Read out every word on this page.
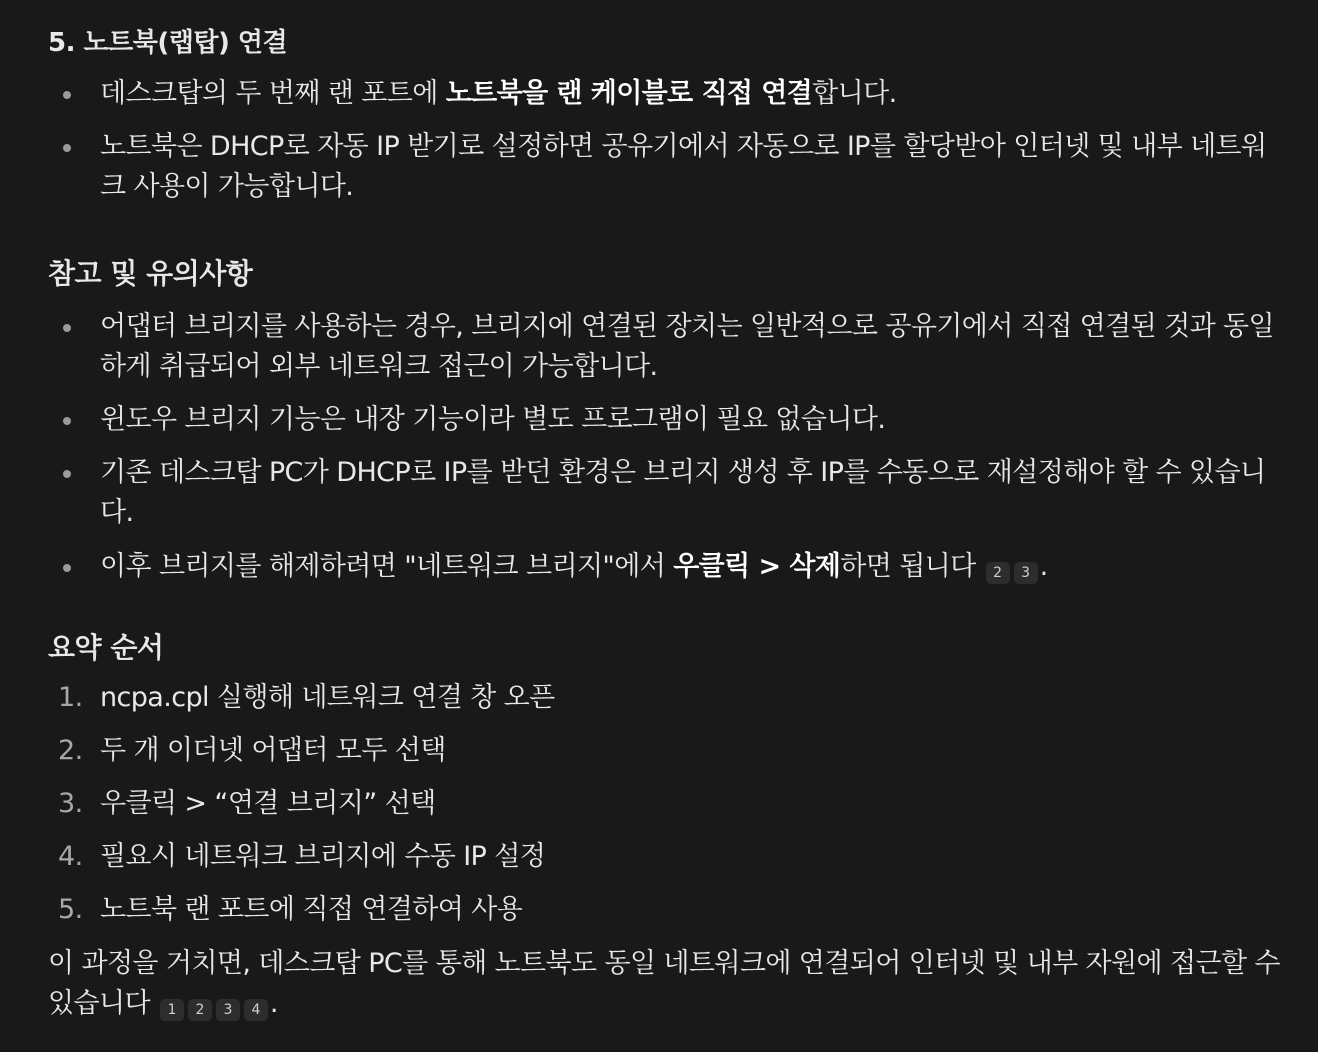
5. 노트북(랩탑) 연결
데스크탑의 두 번째 랜 포트에 노트북을 랜 케이블로 직접 연결합니다.
노트북은 DHCP로 자동 IP 받기로 설정하면 공유기에서 자동으로 IP를 할당받아 인터넷 및 내부 네트워크 사용이 가능합니다.
참고 및 유의사항
어댑터 브리지를 사용하는 경우, 브리지에 연결된 장치는 일반적으로 공유기에서 직접 연결된 것과 동일하게 취급되어 외부 네트워크 접근이 가능합니다.
윈도우 브리지 기능은 내장 기능이라 별도 프로그램이 필요 없습니다.
기존 데스크탑 PC가 DHCP로 IP를 받던 환경은 브리지 생성 후 IP를 수동으로 재설정해야 할 수 있습니다.
이후 브리지를 해제하려면 "네트워크 브리지"에서 우클릭 > 삭제하면 됩니다 2 3 .
요약 순서
1. ncpa.cpl 실행해 네트워크 연결 창 오픈
2. 두 개 이더넷 어댑터 모두 선택
3. 우클릭 > “연결 브리지” 선택
4. 필요시 네트워크 브리지에 수동 IP 설정
5. 노트북 랜 포트에 직접 연결하여 사용
이 과정을 거치면, 데스크탑 PC를 통해 노트북도 동일 네트워크에 연결되어 인터넷 및 내부 자원에 접근할 수 있습니다 1 2 3 4 .
